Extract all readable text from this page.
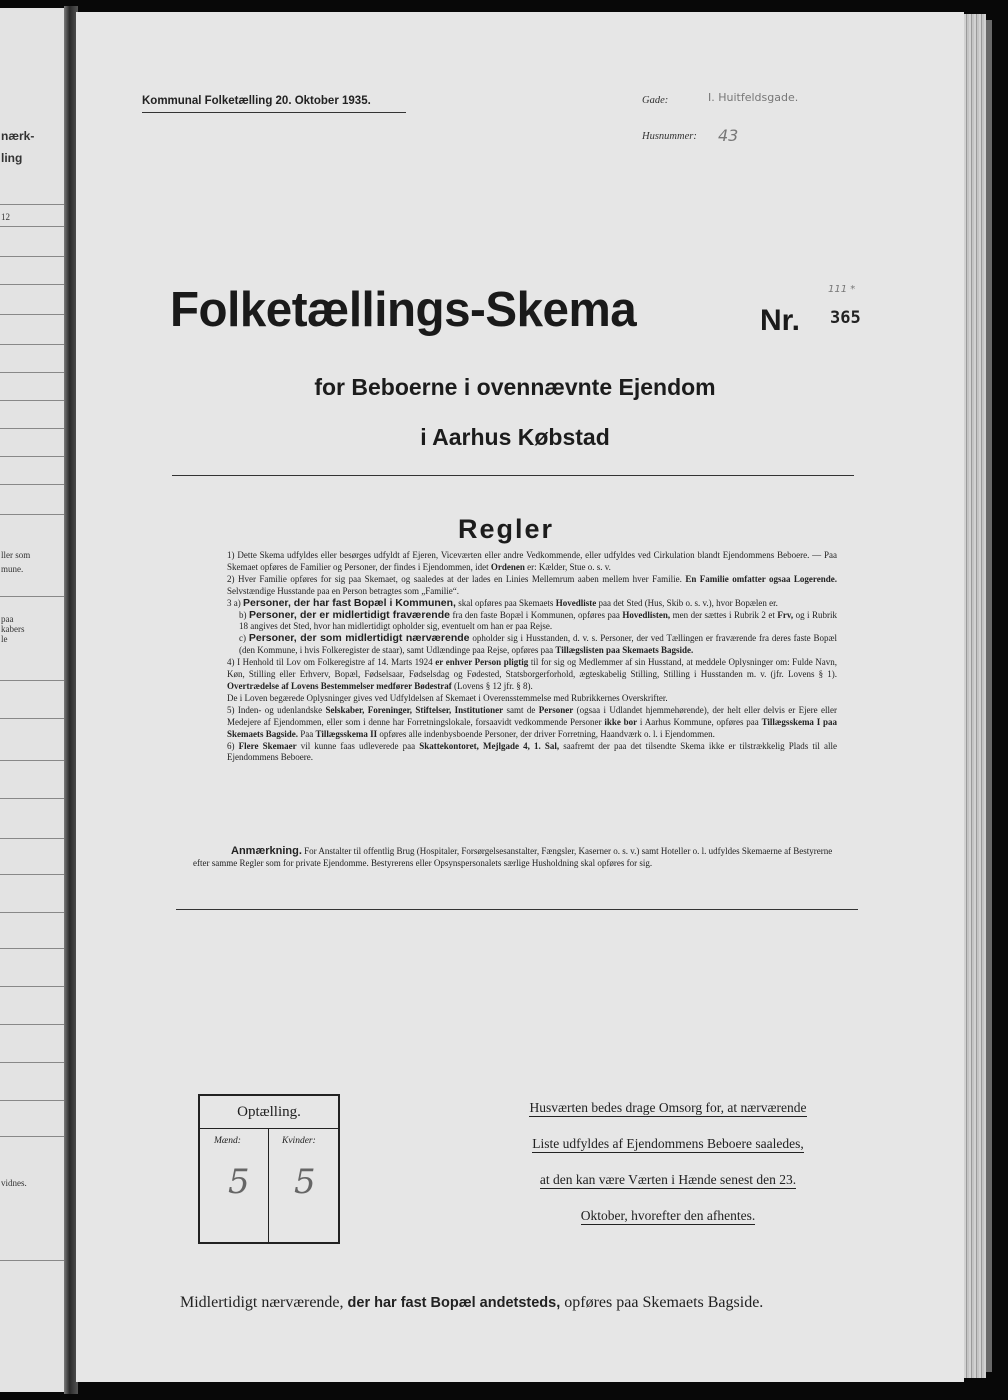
nærk-
ling
12
ller som
mune.
paa
kabers
le
vidnes.
Kommunal Folketælling 20. Oktober 1935.	Gade:	I. Huitfeldsgade.
Husnummer: 43
Folketællings-Skema	Nr.
111 *
365
for Beboerne i ovennævnte Ejendom
i Aarhus Købstad
Regler

1) Dette Skema udfyldes eller besørges udfyldt af Ejeren, Viceværten eller andre Vedkommende, eller udfyldes ved Cirkulation blandt Ejendommens Beboere. — Paa Skemaet opføres de Familier og Personer, der findes i Ejendommen, idet Ordenen er: Kælder, Stue o. s. v.

2) Hver Familie opføres for sig paa Skemaet, og saaledes at der lades en Linies Mellemrum aaben mellem hver Familie. En Familie omfatter ogsaa Logerende. Selvstændige Husstande paa en Person betragtes som „Familie“.

3 a) Personer, der har fast Bopæl i Kommunen, skal opføres paa Skemaets Hovedliste paa det Sted (Hus, Skib o. s. v.), hvor Bopælen er.

b) Personer, der er midlertidigt fraværende fra den faste Bopæl i Kommunen, opføres paa Hovedlisten, men der sættes i Rubrik 2 et Frv, og i Rubrik 18 angives det Sted, hvor han midlertidigt opholder sig, eventuelt om han er paa Rejse.

c) Personer, der som midlertidigt nærværende opholder sig i Husstanden, d. v. s. Personer, der ved Tællingen er fraværende fra deres faste Bopæl (den Kommune, i hvis Folkeregister de staar), samt Udlændinge paa Rejse, opføres paa Tillægslisten paa Skemaets Bagside.

4) I Henhold til Lov om Folkeregistre af 14. Marts 1924 er enhver Person pligtig til for sig og Medlemmer af sin Husstand, at meddele Oplysninger om: Fulde Navn, Køn, Stilling eller Erhverv, Bopæl, Fødselsaar, Fødselsdag og Fødested, Statsborgerforhold, ægteskabelig Stilling, Stilling i Husstanden m. v. (jfr. Lovens § 1). Overtrædelse af Lovens Bestemmelser medfører Bødestraf (Lovens § 12 jfr. § 8).

De i Loven begærede Oplysninger gives ved Udfyldelsen af Skemaet i Overensstemmelse med Rubrikkernes Overskrifter.

5) Inden- og udenlandske Selskaber, Foreninger, Stiftelser, Institutioner samt de Personer (ogsaa i Udlandet hjemmehørende), der helt eller delvis er Ejere eller Medejere af Ejendommen, eller som i denne har Forretningslokale, forsaavidt vedkommende Personer ikke bor i Aarhus Kommune, opføres paa Tillægsskema I paa Skemaets Bagside. Paa Tillægsskema II opføres alle indenbysboende Personer, der driver Forretning, Haandværk o. l. i Ejendommen.

6) Flere Skemaer vil kunne faas udleverede paa Skattekontoret, Mejlgade 4, 1. Sal, saafremt der paa det tilsendte Skema ikke er tilstrækkelig Plads til alle Ejendommens Beboere.

Anmærkning. For Anstalter til offentlig Brug (Hospitaler, Forsørgelsesanstalter, Fængsler, Kaserner o. s. v.) samt Hoteller o. l. udfyldes Skemaerne af Bestyrerne efter samme Regler som for private Ejendomme. Bestyrerens eller Opsynspersonalets særlige Husholdning skal opføres for sig.
Optælling.
Mænd:	Kvinder:
5 5
Husværten bedes drage Omsorg for, at nærværende
Liste udfyldes af Ejendommens Beboere saaledes,
at den kan være Værten i Hænde senest den 23.
Oktober, hvorefter den afhentes.
Midlertidigt nærværende, der har fast Bopæl andetsteds, opføres paa Skemaets Bagside.
